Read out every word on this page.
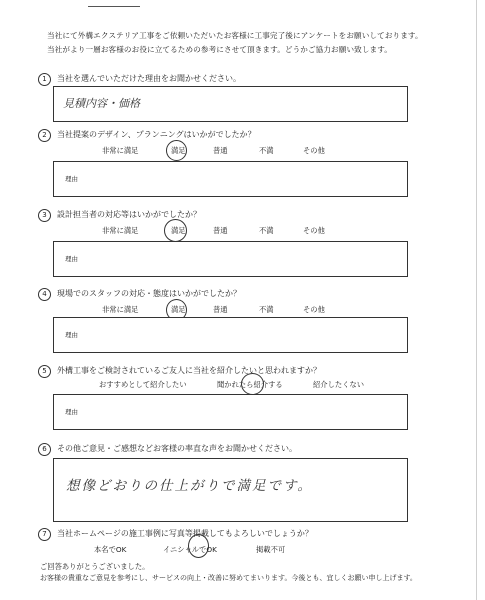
当社にて外構エクステリア工事をご依頼いただいたお客様に工事完了後にアンケートをお願いしております。
当社がより一層お客様のお役に立てるための参考にさせて頂きます。どうかご協力お願い致します。
1 当社を選んでいただけた理由をお聞かせください。
見積内容・価格
2 当社提案のデザイン、プランニングはいかがでしたか？
非常に満足	満足	普通	不満	その他
理由
3 設計担当者の対応等はいかがでしたか？
非常に満足	満足	普通	不満	その他
理由
4 現場でのスタッフの対応・態度はいかがでしたか？
非常に満足	満足	普通	不満	その他
理由
5 外構工事をご検討されているご友人に当社を紹介したいと思われますか？
おすすめとして紹介したい	聞かれたら紹介する	紹介したくない
理由
6 その他ご意見・ご感想などお客様の率直な声をお聞かせください。
想像どおりの仕上がりで満足です。
7 当社ホームページの施工事例に写真等掲載してもよろしいでしょうか？
本名でOK	イニシャルでOK	掲載不可
ご回答ありがとうございました。
お客様の貴重なご意見を参考にし、サービスの向上・改善に努めてまいります。今後とも、宜しくお願い申し上げます。
